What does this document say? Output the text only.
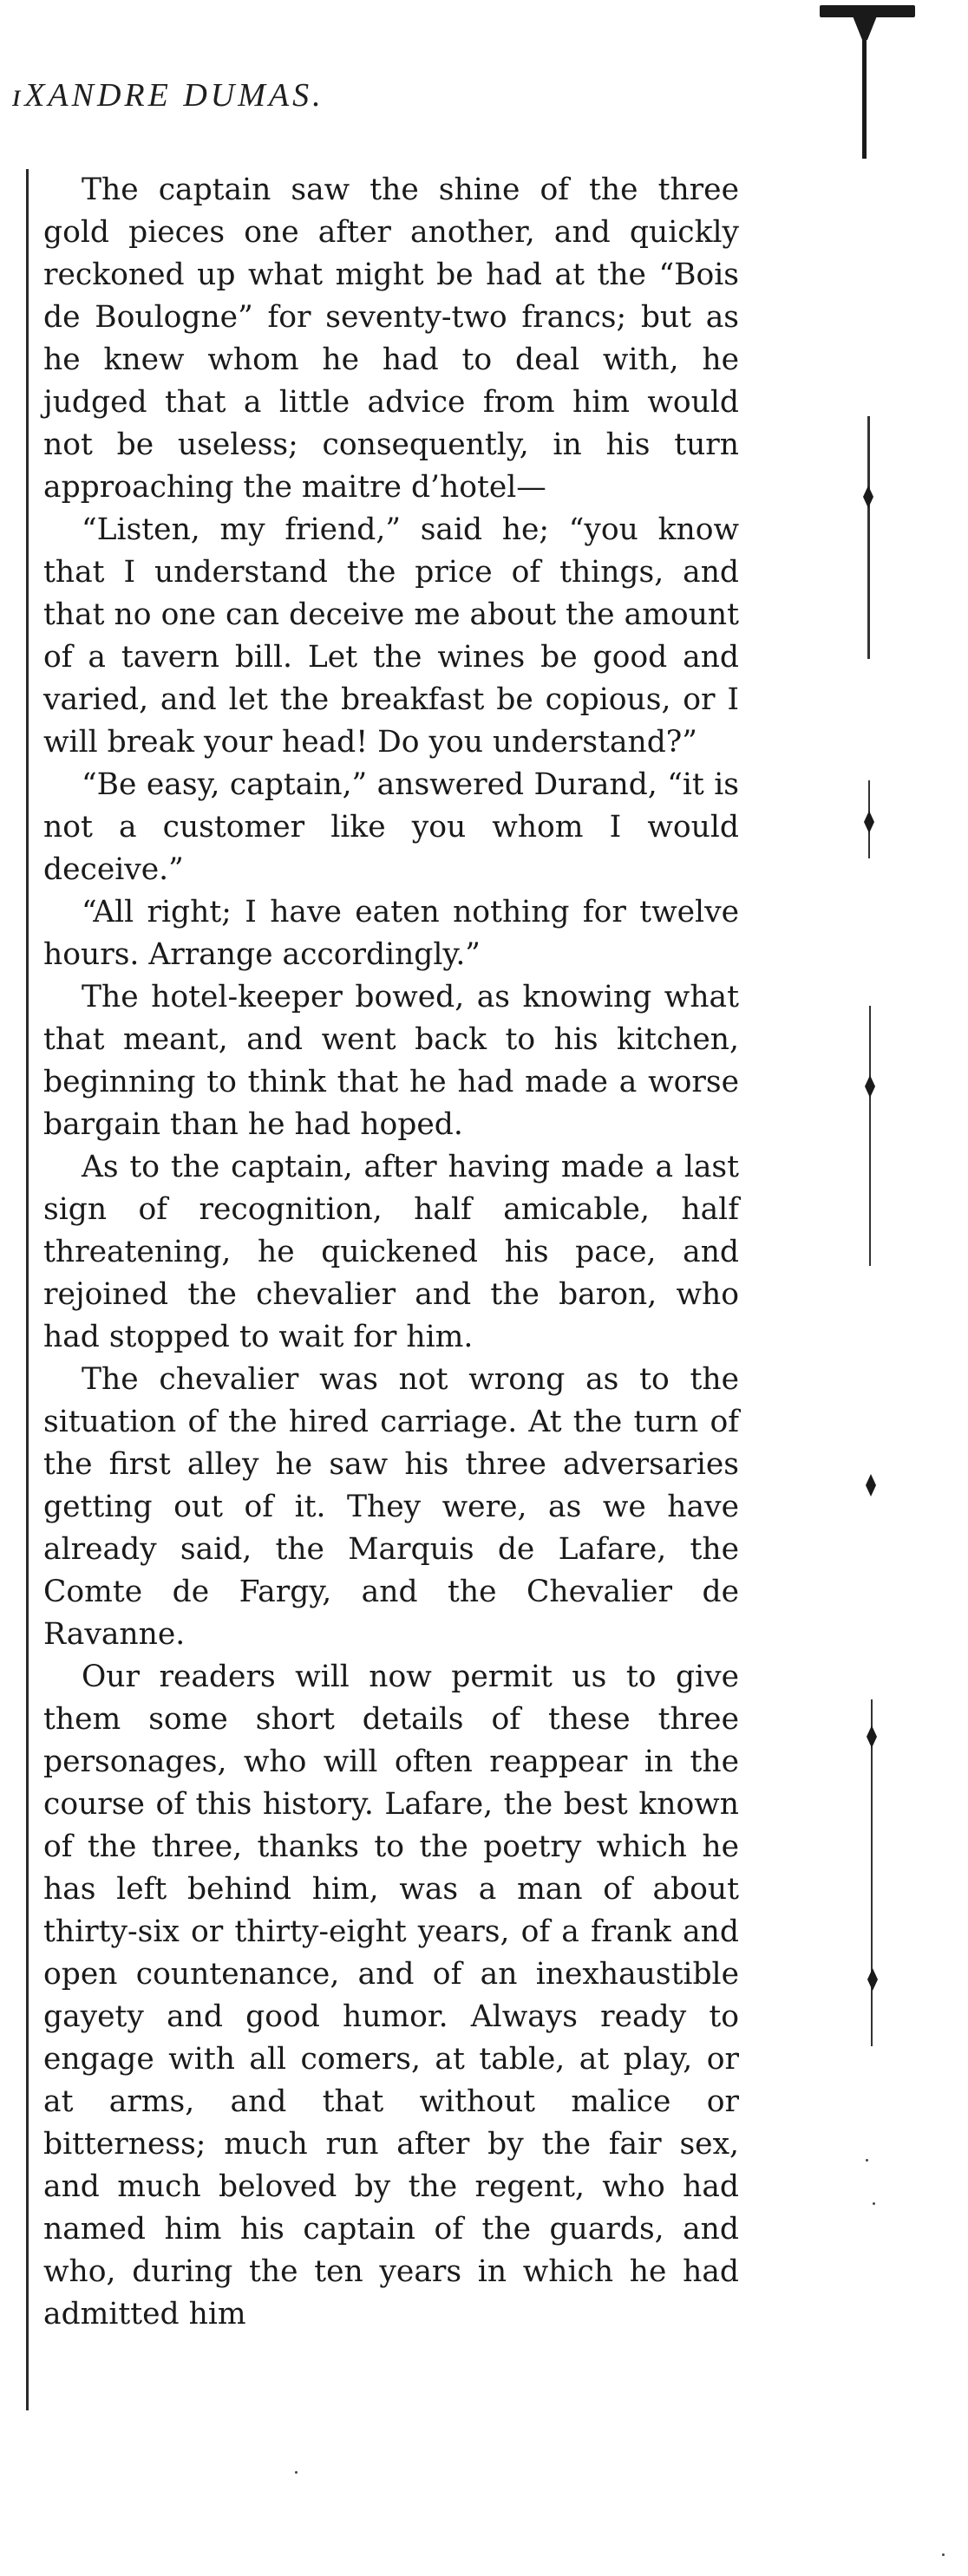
ɪXANDRE DUMAS.

The captain saw the shine of the three gold pieces one after another, and quickly reckoned up what might be had at the “Bois de Boulogne” for seventy-two francs; but as he knew whom he had to deal with, he judged that a little advice from him would not be useless; consequently, in his turn approaching the maitre d’hotel—

“Listen, my friend,” said he; “you know that I understand the price of things, and that no one can deceive me about the amount of a tavern bill. Let the wines be good and varied, and let the breakfast be copious, or I will break your head! Do you understand?”

“Be easy, captain,” answered Durand, “it is not a customer like you whom I would deceive.”

“All right; I have eaten nothing for twelve hours. Arrange accordingly.”

The hotel-keeper bowed, as knowing what that meant, and went back to his kitchen, beginning to think that he had made a worse bargain than he had hoped.

As to the captain, after having made a last sign of recognition, half amicable, half threatening, he quickened his pace, and rejoined the chevalier and the baron, who had stopped to wait for him.

The chevalier was not wrong as to the situation of the hired carriage. At the turn of the first alley he saw his three adversaries getting out of it. They were, as we have already said, the Marquis de Lafare, the Comte de Fargy, and the Chevalier de Ravanne.

Our readers will now permit us to give them some short details of these three personages, who will often reappear in the course of this history. Lafare, the best known of the three, thanks to the poetry which he has left behind him, was a man of about thirty-six or thirty-eight years, of a frank and open countenance, and of an inexhaustible gayety and good humor. Always ready to engage with all comers, at table, at play, or at arms, and that without malice or bitterness; much run after by the fair sex, and much beloved by the regent, who had named him his captain of the guards, and who, during the ten years in which he had admitted him
